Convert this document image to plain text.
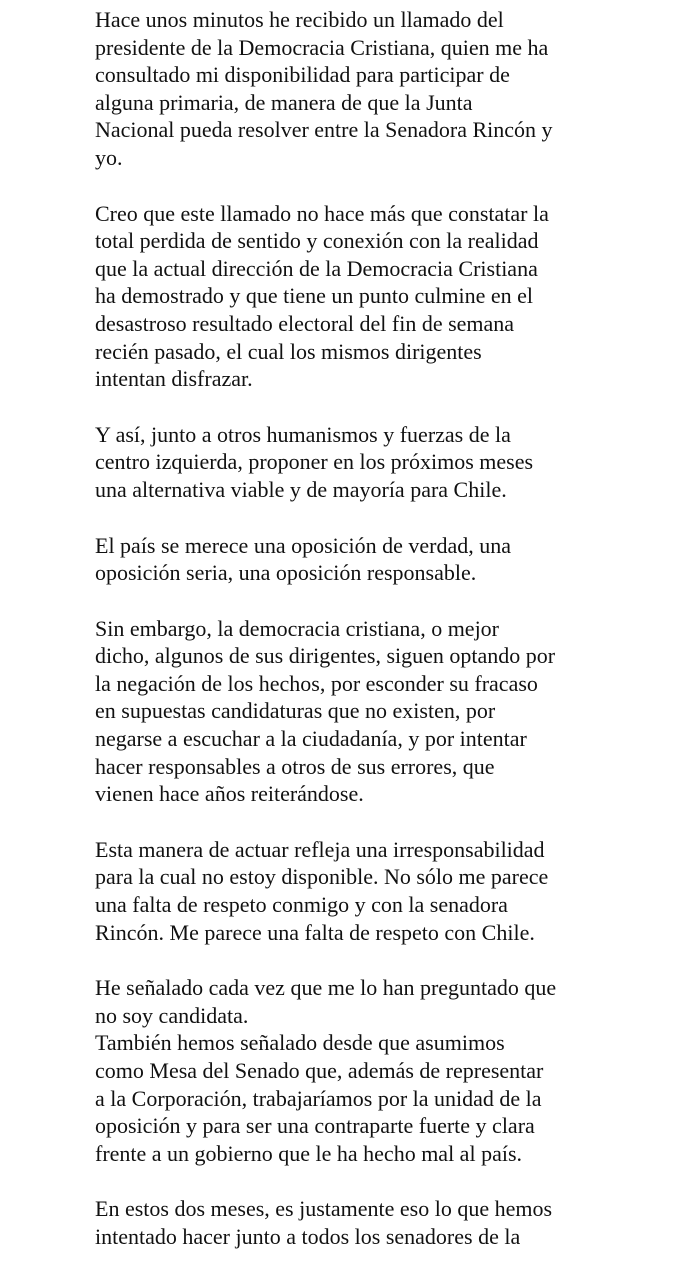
Hace unos minutos he recibido un llamado del
presidente de la Democracia Cristiana, quien me ha
consultado mi disponibilidad para participar de
alguna primaria, de manera de que la Junta
Nacional pueda resolver entre la Senadora Rincón y
yo.

Creo que este llamado no hace más que constatar la
total perdida de sentido y conexión con la realidad
que la actual dirección de la Democracia Cristiana
ha demostrado y que tiene un punto culmine en el
desastroso resultado electoral del fin de semana
recién pasado, el cual los mismos dirigentes
intentan disfrazar.

Y así, junto a otros humanismos y fuerzas de la
centro izquierda, proponer en los próximos meses
una alternativa viable y de mayoría para Chile.

El país se merece una oposición de verdad, una
oposición seria, una oposición responsable.

Sin embargo, la democracia cristiana, o mejor
dicho, algunos de sus dirigentes, siguen optando por
la negación de los hechos, por esconder su fracaso
en supuestas candidaturas que no existen, por
negarse a escuchar a la ciudadanía, y por intentar
hacer responsables a otros de sus errores, que
vienen hace años reiterándose.

Esta manera de actuar refleja una irresponsabilidad
para la cual no estoy disponible. No sólo me parece
una falta de respeto conmigo y con la senadora
Rincón. Me parece una falta de respeto con Chile.

He señalado cada vez que me lo han preguntado que
no soy candidata.
También hemos señalado desde que asumimos
como Mesa del Senado que, además de representar
a la Corporación, trabajaríamos por la unidad de la
oposición y para ser una contraparte fuerte y clara
frente a un gobierno que le ha hecho mal al país.

En estos dos meses, es justamente eso lo que hemos
intentado hacer junto a todos los senadores de la
